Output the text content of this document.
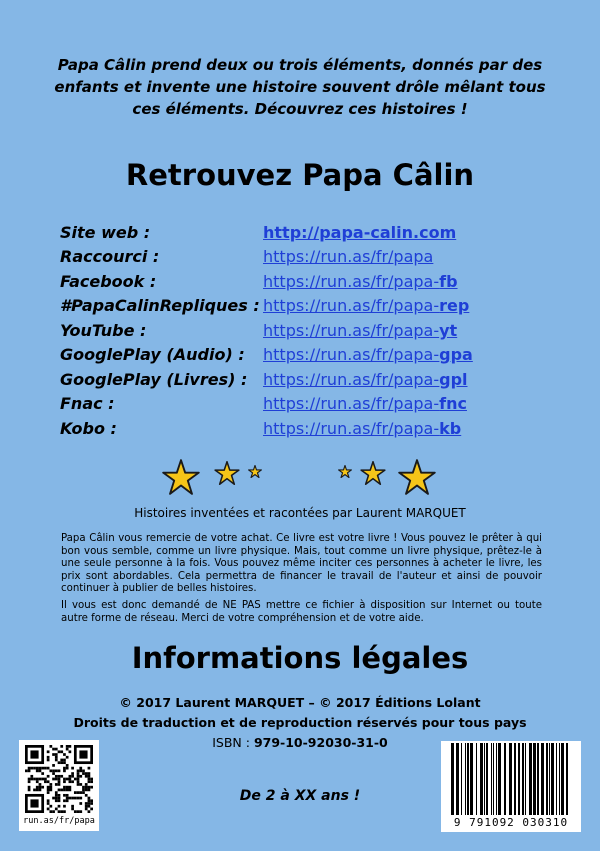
Papa Câlin prend deux ou trois éléments, donnés par des
enfants et invente une histoire souvent drôle mêlant tous
ces éléments. Découvrez ces histoires !
Retrouvez Papa Câlin
Site web :	http://papa-calin.com
Raccourci :	https://run.as/fr/papa
Facebook :	https://run.as/fr/papa-fb
#PapaCalinRepliques : https://run.as/fr/papa-rep
YouTube :	https://run.as/fr/papa-yt
GooglePlay (Audio) :	https://run.as/fr/papa-gpa
GooglePlay (Livres) : https://run.as/fr/papa-gpl
Fnac :	https://run.as/fr/papa-fnc
Kobo :	https://run.as/fr/papa-kb
Histoires inventées et racontées par Laurent MARQUET

Papa Câlin vous remercie de votre achat. Ce livre est votre livre ! Vous pouvez le prêter à qui bon vous semble, comme un livre physique. Mais, tout comme un livre physique, prêtez-le à une seule personne à la fois. Vous pouvez même inciter ces personnes à acheter le livre, les prix sont abordables. Cela permettra de financer le travail de l'auteur et ainsi de pouvoir continuer à publier de belles histoires.

Il vous est donc demandé de NE PAS mettre ce fichier à disposition sur Internet ou toute autre forme de réseau. Merci de votre compréhension et de votre aide.

Informations légales
© 2017 Laurent MARQUET – © 2017 Éditions Lolant
Droits de traduction et de reproduction réservés pour tous pays
ISBN : 979-10-92030-31-0
De 2 à XX ans !
run.as/fr/papa	9 791092 030310
